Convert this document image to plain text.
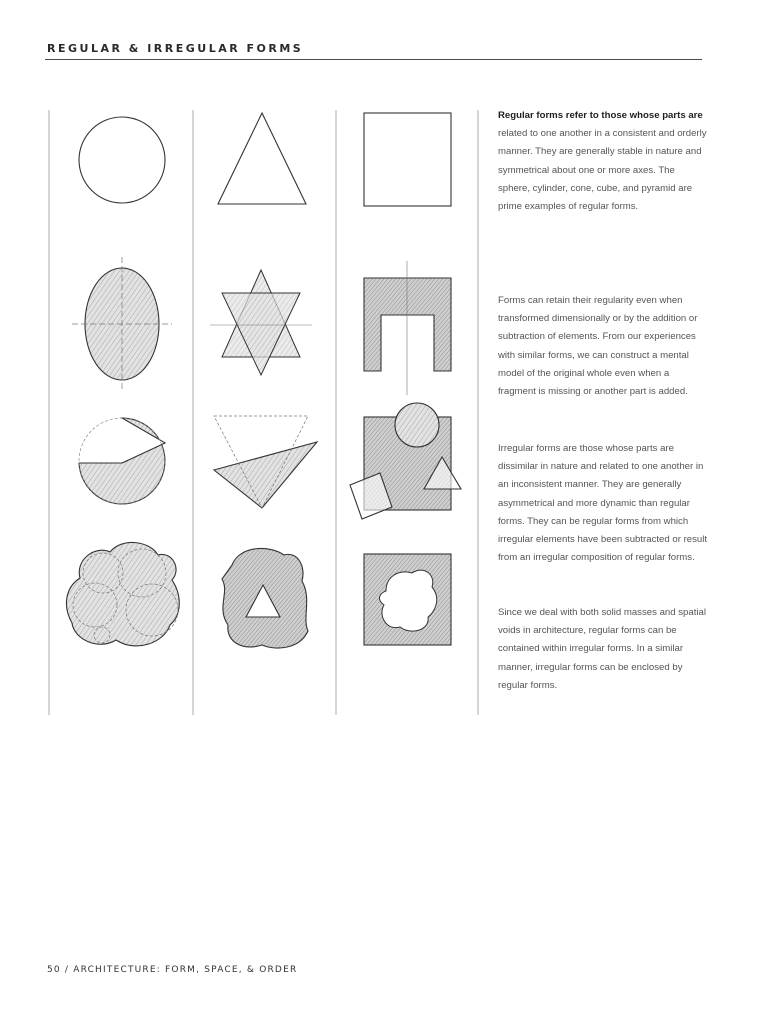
REGULAR & IRREGULAR FORMS

Regular forms refer to those whose parts are related to one another in a consistent and orderly manner. They are generally stable in nature and symmetrical about one or more axes. The sphere, cylinder, cone, cube, and pyramid are prime examples of regular forms.

Forms can retain their regularity even when transformed dimensionally or by the addition or subtraction of elements. From our experiences with similar forms, we can construct a mental model of the original whole even when a fragment is missing or another part is added.

Irregular forms are those whose parts are dissimilar in nature and related to one another in an inconsistent manner. They are generally asymmetrical and more dynamic than regular forms. They can be regular forms from which irregular elements have been subtracted or result from an irregular composition of regular forms.

Since we deal with both solid masses and spatial voids in architecture, regular forms can be contained within irregular forms. In a similar manner, irregular forms can be enclosed by regular forms.

50 / ARCHITECTURE: FORM, SPACE, & ORDER
